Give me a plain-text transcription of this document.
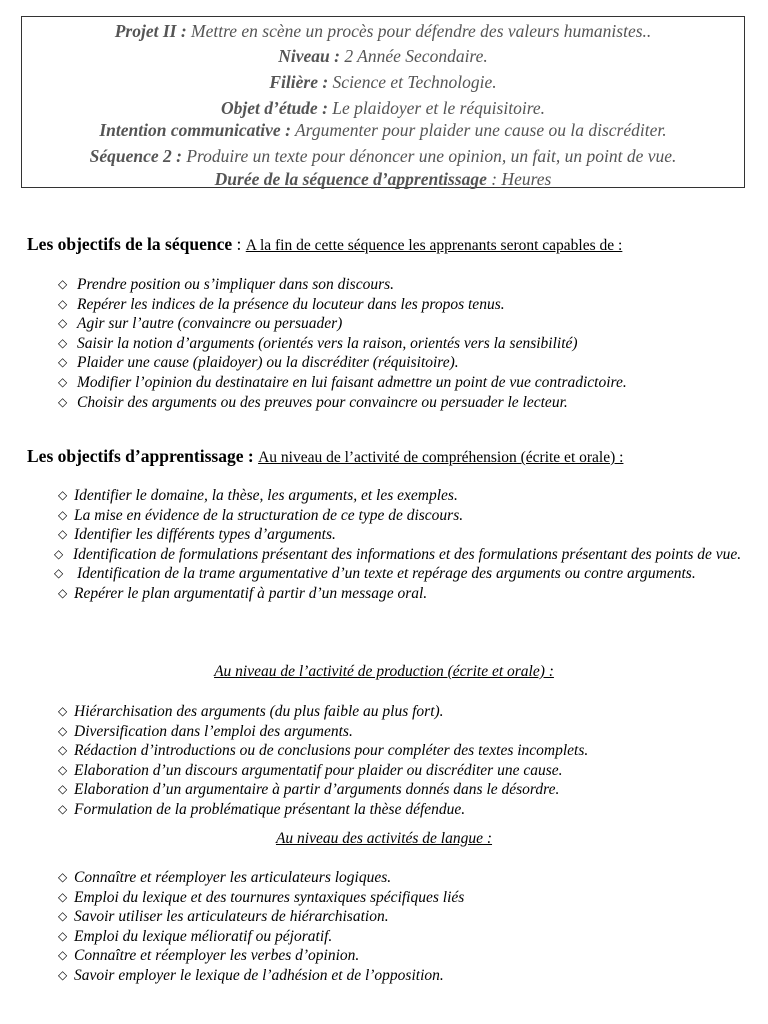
Projet II : Mettre en scène un procès pour défendre des valeurs humanistes..
Niveau : 2 Année Secondaire.
Filière : Science et Technologie.
Objet d’étude : Le plaidoyer et le réquisitoire.
Intention communicative : Argumenter pour plaider une cause ou la discréditer.
Séquence 2 : Produire un texte pour dénoncer une opinion, un fait, un point de vue.
Durée de la séquence d’apprentissage : Heures
Les objectifs de la séquence : A la fin de cette séquence les apprenants seront capables de :
◇ Prendre position ou s’impliquer dans son discours.
◇ Repérer les indices de la présence du locuteur dans les propos tenus.
◇ Agir sur l’autre (convaincre ou persuader)
◇ Saisir la notion d’arguments (orientés vers la raison, orientés vers la sensibilité)
◇ Plaider une cause (plaidoyer) ou la discréditer (réquisitoire).
◇ Modifier l’opinion du destinataire en lui faisant admettre un point de vue contradictoire.
◇ Choisir des arguments ou des preuves pour convaincre ou persuader le lecteur.
Les objectifs d’apprentissage : Au niveau de l’activité de compréhension (écrite et orale) :
◇ Identifier le domaine, la thèse, les arguments, et les exemples.
◇ La mise en évidence de la structuration de ce type de discours.
◇ Identifier les différents types d’arguments.
◇ Identification de formulations présentant des informations et des formulations présentant des points de vue.
◇ Identification de la trame argumentative d’un texte et repérage des arguments ou contre arguments.
◇ Repérer le plan argumentatif à partir d’un message oral.
Au niveau de l’activité de production (écrite et orale) :
◇ Hiérarchisation des arguments (du plus faible au plus fort).
◇ Diversification dans l’emploi des arguments.
◇ Rédaction d’introductions ou de conclusions pour compléter des textes incomplets.
◇ Elaboration d’un discours argumentatif pour plaider ou discréditer une cause.
◇ Elaboration d’un argumentaire à partir d’arguments donnés dans le désordre.
◇ Formulation de la problématique présentant la thèse défendue.
Au niveau des activités de langue :
◇ Connaître et réemployer les articulateurs logiques.
◇ Emploi du lexique et des tournures syntaxiques spécifiques liés
◇ Savoir utiliser les articulateurs de hiérarchisation.
◇ Emploi du lexique mélioratif ou péjoratif.
◇ Connaître et réemployer les verbes d’opinion.
◇ Savoir employer le lexique de l’adhésion et de l’opposition.
